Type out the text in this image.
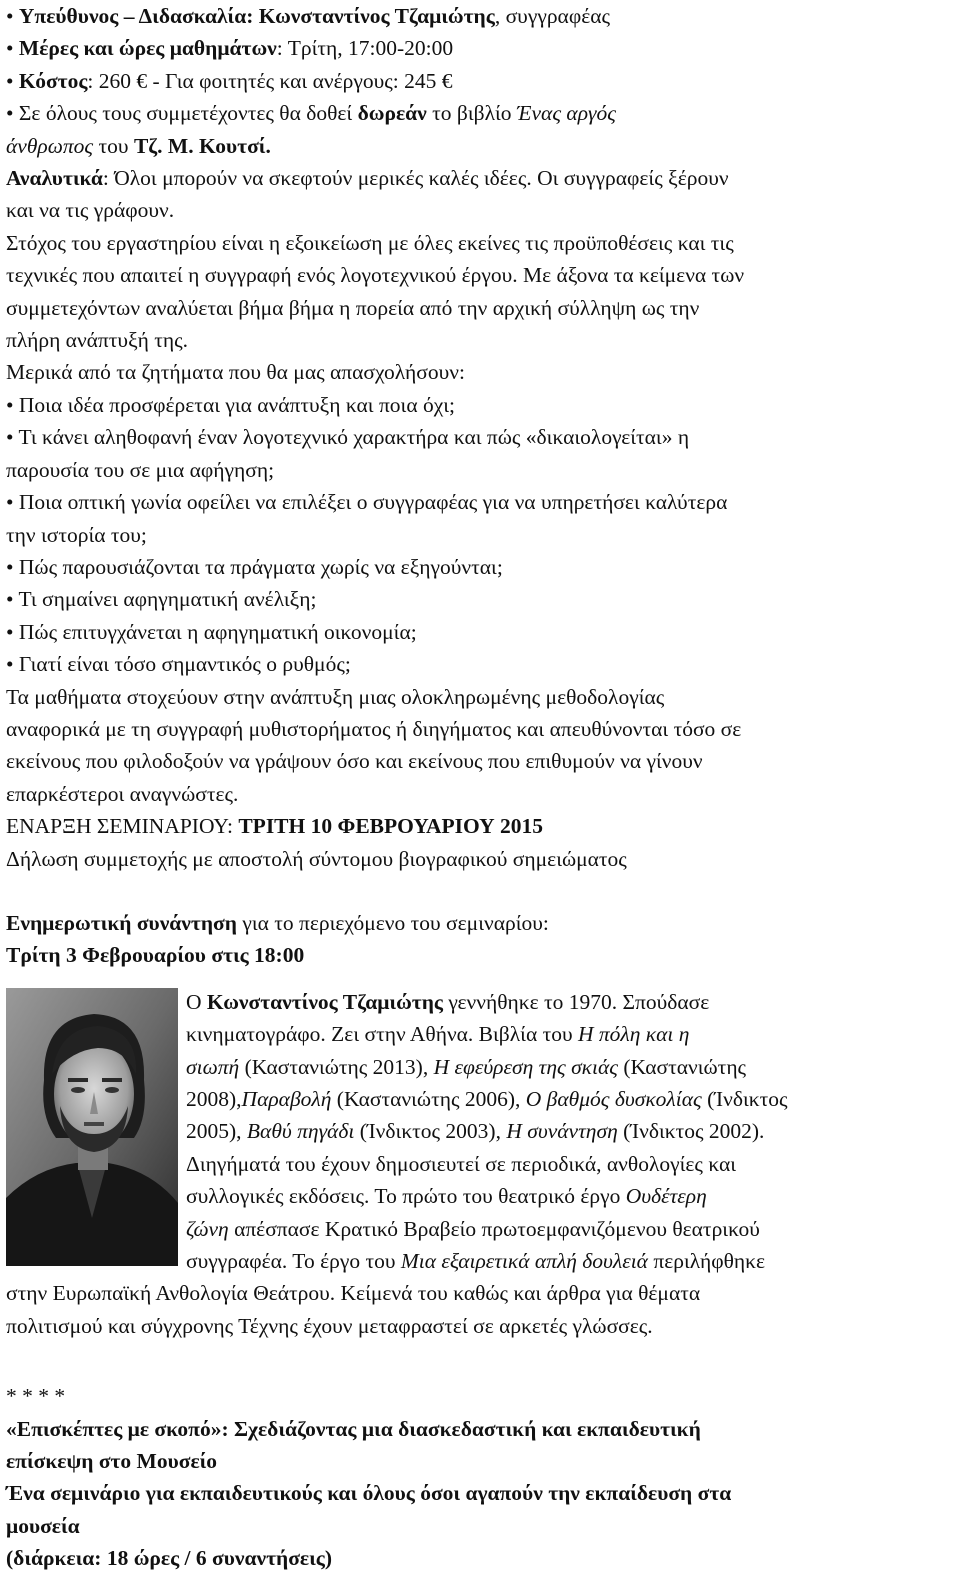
• Υπεύθυνος – Διδασκαλία: Κωνσταντίνος Τζαμιώτης, συγγραφέας
• Μέρες και ώρες μαθημάτων: Τρίτη, 17:00-20:00
• Κόστος: 260 € - Για φοιτητές και ανέργους: 245 €
• Σε όλους τους συμμετέχοντες θα δοθεί δωρεάν το βιβλίο Ένας αργός
άνθρωπος του Τζ. Μ. Κουτσί.
Αναλυτικά: Όλοι μπορούν να σκεφτούν μερικές καλές ιδέες. Οι συγγραφείς ξέρουν
και να τις γράφουν.
Στόχος του εργαστηρίου είναι η εξοικείωση με όλες εκείνες τις προϋποθέσεις και τις
τεχνικές που απαιτεί η συγγραφή ενός λογοτεχνικού έργου. Με άξονα τα κείμενα των
συμμετεχόντων αναλύεται βήμα βήμα η πορεία από την αρχική σύλληψη ως την
πλήρη ανάπτυξή της.
Μερικά από τα ζητήματα που θα μας απασχολήσουν:
• Ποια ιδέα προσφέρεται για ανάπτυξη και ποια όχι;
• Τι κάνει αληθοφανή έναν λογοτεχνικό χαρακτήρα και πώς «δικαιολογείται» η
παρουσία του σε μια αφήγηση;
• Ποια οπτική γωνία οφείλει να επιλέξει ο συγγραφέας για να υπηρετήσει καλύτερα
την ιστορία του;
• Πώς παρουσιάζονται τα πράγματα χωρίς να εξηγούνται;
• Τι σημαίνει αφηγηματική ανέλιξη;
• Πώς επιτυγχάνεται η αφηγηματική οικονομία;
• Γιατί είναι τόσο σημαντικός ο ρυθμός;
Τα μαθήματα στοχεύουν στην ανάπτυξη μιας ολοκληρωμένης μεθοδολογίας
αναφορικά με τη συγγραφή μυθιστορήματος ή διηγήματος και απευθύνονται τόσο σε
εκείνους που φιλοδοξούν να γράψουν όσο και εκείνους που επιθυμούν να γίνουν
επαρκέστεροι αναγνώστες.
ΕΝΑΡΞΗ ΣΕΜΙΝΑΡΙΟΥ: ΤΡΙΤΗ 10 ΦΕΒΡΟΥΑΡΙΟΥ 2015
Δήλωση συμμετοχής με αποστολή σύντομου βιογραφικού σημειώματος
Ενημερωτική συνάντηση για το περιεχόμενο του σεμιναρίου:
Τρίτη 3 Φεβρουαρίου στις 18:00
Ο Κωνσταντίνος Τζαμιώτης γεννήθηκε το 1970. Σπούδασε
κινηματογράφο. Ζει στην Αθήνα. Βιβλία του Η πόλη και η
σιωπή (Καστανιώτης 2013), Η εφεύρεση της σκιάς (Καστανιώτης
2008),Παραβολή (Καστανιώτης 2006), Ο βαθμός δυσκολίας (Ίνδικτος
2005), Βαθύ πηγάδι (Ίνδικτος 2003), Η συνάντηση (Ίνδικτος 2002).
Διηγήματά του έχουν δημοσιευτεί σε περιοδικά, ανθολογίες και
συλλογικές εκδόσεις. Το πρώτο του θεατρικό έργο Ουδέτερη
ζώνη απέσπασε Κρατικό Βραβείο πρωτοεμφανιζόμενου θεατρικού
συγγραφέα. Το έργο του Μια εξαιρετικά απλή δουλειά περιλήφθηκε
στην Ευρωπαϊκή Ανθολογία Θεάτρου. Κείμενά του καθώς και άρθρα για θέματα
πολιτισμού και σύγχρονης Τέχνης έχουν μεταφραστεί σε αρκετές γλώσσες.
* * * *
«Επισκέπτες με σκοπό»: Σχεδιάζοντας μια διασκεδαστική και εκπαιδευτική
επίσκεψη στο Μουσείο
Ένα σεμινάριο για εκπαιδευτικούς και όλους όσοι αγαπούν την εκπαίδευση στα
μουσεία
(διάρκεια: 18 ώρες / 6 συναντήσεις)
